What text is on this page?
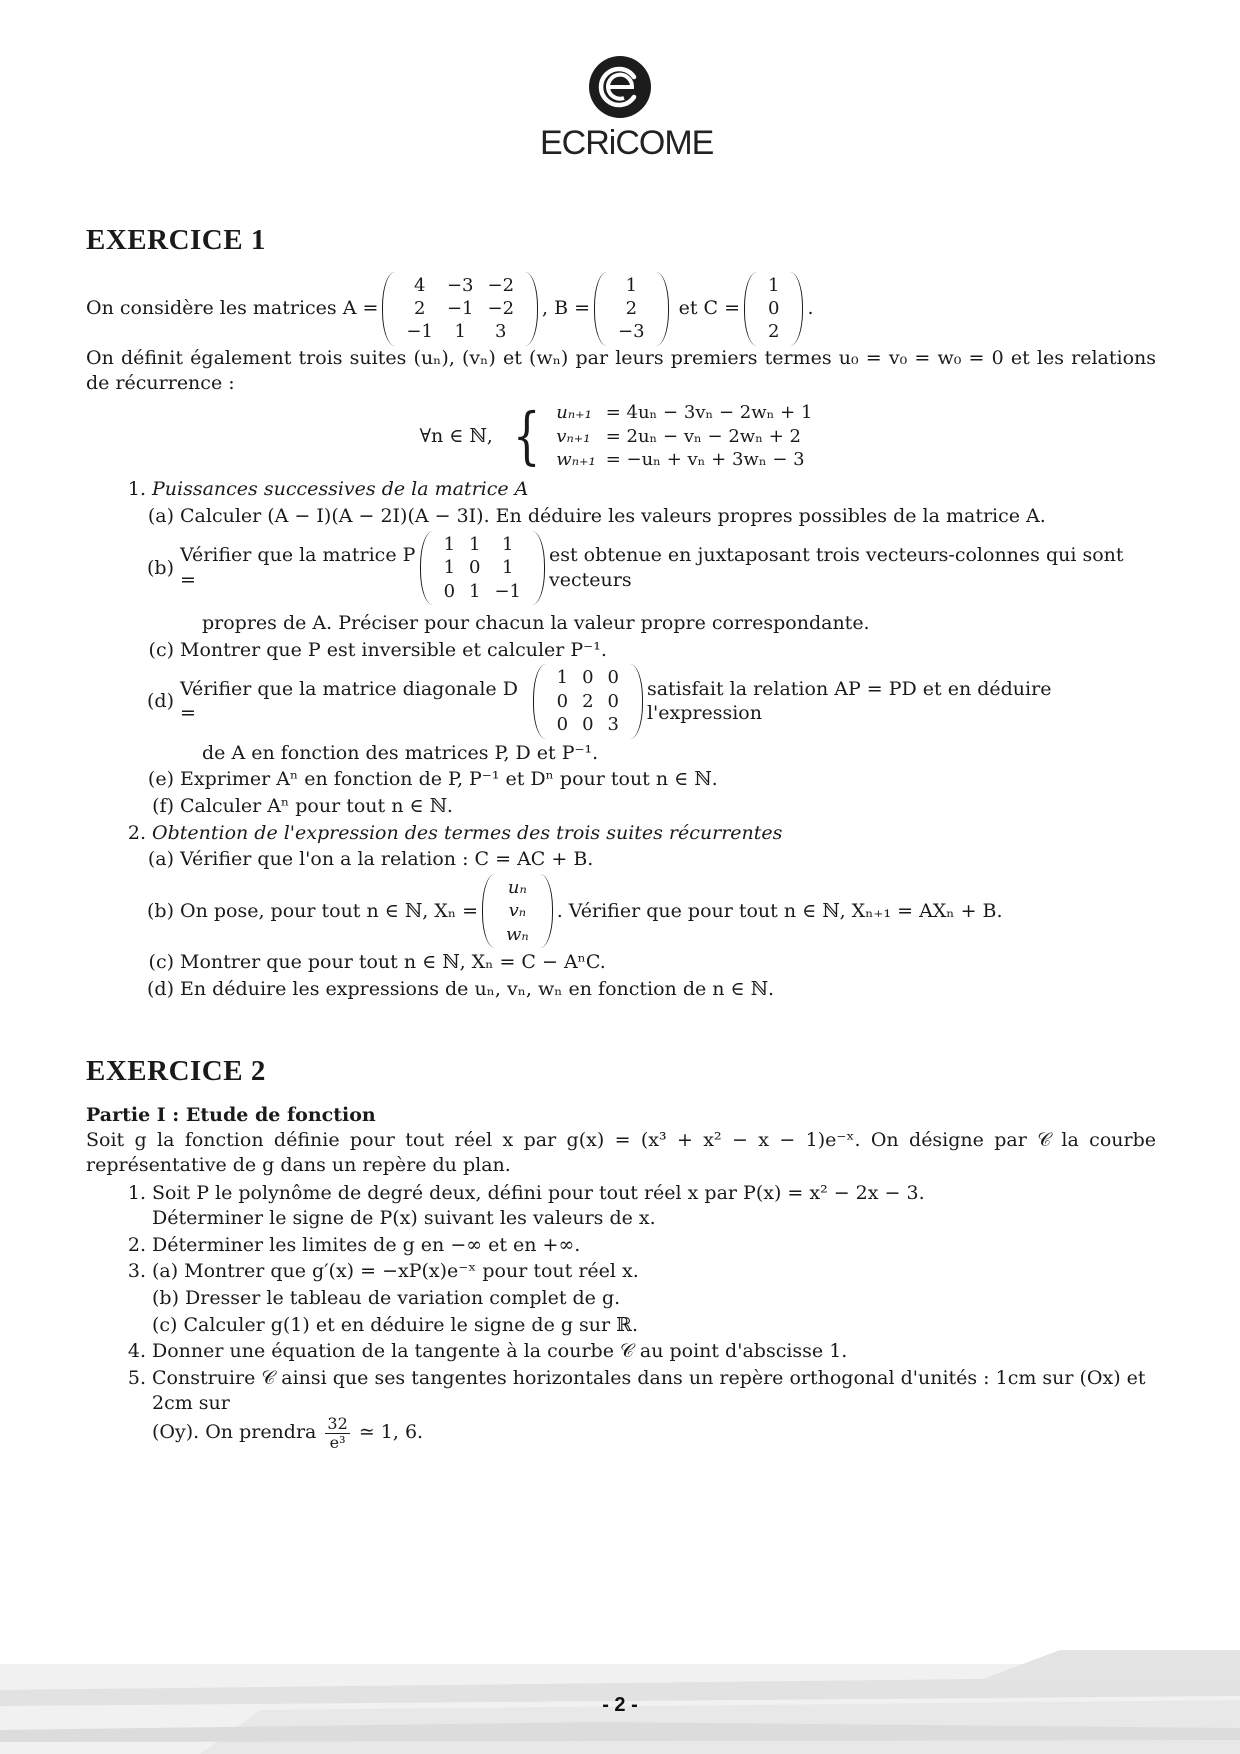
ECRiCOME
EXERCICE 1
On considère les matrices A =
4	−3	−2
2	−1	−2
−1	1	3
, B =
1
2
−3
et C =
1
0
2
.

On définit également trois suites (uₙ), (vₙ) et (wₙ) par leurs premiers termes u₀ = v₀ = w₀ = 0 et les relations de récurrence :

∀n ∈ ℕ, { uₙ₊₁	= 4uₙ − 3vₙ − 2wₙ + 1
vₙ₊₁	= 2uₙ − vₙ − 2wₙ + 2
wₙ₊₁	= −uₙ + vₙ + 3wₙ − 3
1. Puissances successives de la matrice A
(a) Calculer (A − I)(A − 2I)(A − 3I). En déduire les valeurs propres possibles de la matrice A.
(b)
Vérifier que la matrice P =
1	1	1
1	0	1
0	1	−1
est obtenue en juxtaposant trois vecteurs-colonnes qui sont vecteurs
propres de A. Préciser pour chacun la valeur propre correspondante.
(c) Montrer que P est inversible et calculer P⁻¹.
(d)
Vérifier que la matrice diagonale D =
1	0	0
0	2	0
0	0	3
satisfait la relation AP = PD et en déduire l'expression
de A en fonction des matrices P, D et P⁻¹.
(e) Exprimer Aⁿ en fonction de P, P⁻¹ et Dⁿ pour tout n ∈ ℕ.
(f) Calculer Aⁿ pour tout n ∈ ℕ.
2. Obtention de l'expression des termes des trois suites récurrentes
(a) Vérifier que l'on a la relation : C = AC + B.
(b) On pose, pour tout n ∈ ℕ, Xₙ =
uₙ
vₙ
wₙ
. Vérifier que pour tout n ∈ ℕ, Xₙ₊₁ = AXₙ + B.
(c) Montrer que pour tout n ∈ ℕ, Xₙ = C − AⁿC.
(d) En déduire les expressions de uₙ, vₙ, wₙ en fonction de n ∈ ℕ.
EXERCICE 2
Partie I : Etude de fonction

Soit g la fonction définie pour tout réel x par g(x) = (x³ + x² − x − 1)e⁻ˣ. On désigne par 𝒞 la courbe représentative de g dans un repère du plan.

1. Soit P le polynôme de degré deux, défini pour tout réel x par P(x) = x² − 2x − 3.
Déterminer le signe de P(x) suivant les valeurs de x.
2. Déterminer les limites de g en −∞ et en +∞.
3. (a) Montrer que g′(x) = −xP(x)e⁻ˣ pour tout réel x.
(b) Dresser le tableau de variation complet de g.
(c) Calculer g(1) et en déduire le signe de g sur ℝ.
4. Donner une équation de la tangente à la courbe 𝒞 au point d'abscisse 1.
5. Construire 𝒞 ainsi que ses tangentes horizontales dans un repère orthogonal d'unités : 1cm sur (Ox) et 2cm sur
(Oy). On prendra $\frac{32}{\text{e³}}$ ≃ 1, 6.
- 2 -
